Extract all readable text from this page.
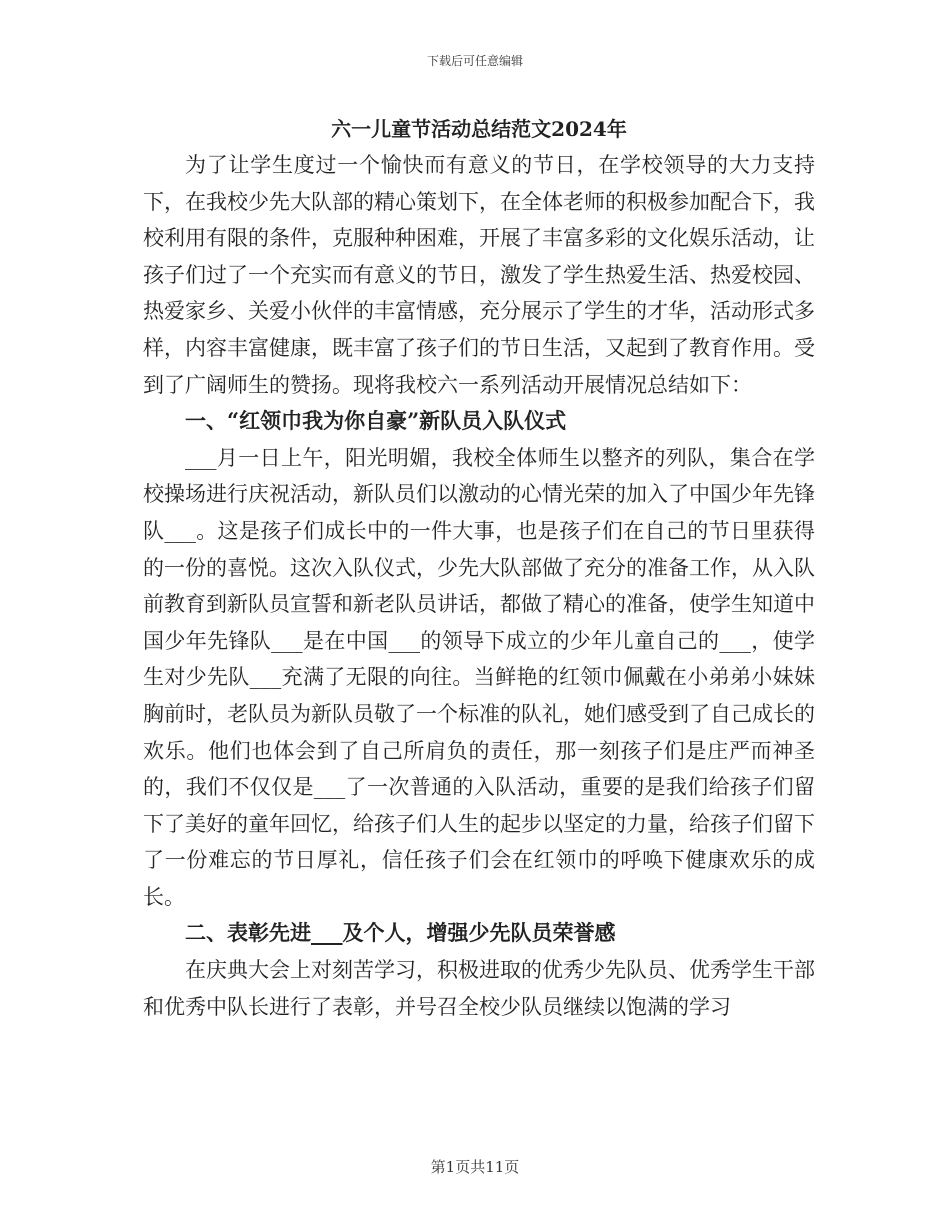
下载后可任意编辑
六一儿童节活动总结范文2024年

为了让学生度过一个愉快而有意义的节日，在学校领导的大力支持下，在我校少先大队部的精心策划下，在全体老师的积极参加配合下，我校利用有限的条件，克服种种困难，开展了丰富多彩的文化娱乐活动，让孩子们过了一个充实而有意义的节日，激发了学生热爱生活、热爱校园、热爱家乡、关爱小伙伴的丰富情感，充分展示了学生的才华，活动形式多样，内容丰富健康，既丰富了孩子们的节日生活，又起到了教育作用。受到了广阔师生的赞扬。现将我校六一系列活动开展情况总结如下：

一、“红领巾我为你自豪”新队员入队仪式

___月一日上午，阳光明媚，我校全体师生以整齐的列队，集合在学校操场进行庆祝活动，新队员们以激动的心情光荣的加入了中国少年先锋队___。这是孩子们成长中的一件大事，也是孩子们在自己的节日里获得的一份的喜悦。这次入队仪式，少先大队部做了充分的准备工作，从入队前教育到新队员宣誓和新老队员讲话，都做了精心的准备，使学生知道中国少年先锋队___是在中国___的领导下成立的少年儿童自己的___，使学生对少先队___充满了无限的向往。当鲜艳的红领巾佩戴在小弟弟小妹妹胸前时，老队员为新队员敬了一个标准的队礼，她们感受到了自己成长的欢乐。他们也体会到了自己所肩负的责任，那一刻孩子们是庄严而神圣的，我们不仅仅是___了一次普通的入队活动，重要的是我们给孩子们留下了美好的童年回忆，给孩子们人生的起步以坚定的力量，给孩子们留下了一份难忘的节日厚礼，信任孩子们会在红领巾的呼唤下健康欢乐的成长。

二、表彰先进___及个人，增强少先队员荣誉感

在庆典大会上对刻苦学习，积极进取的优秀少先队员、优秀学生干部和优秀中队长进行了表彰，并号召全校少队员继续以饱满的学习

第1页共11页
